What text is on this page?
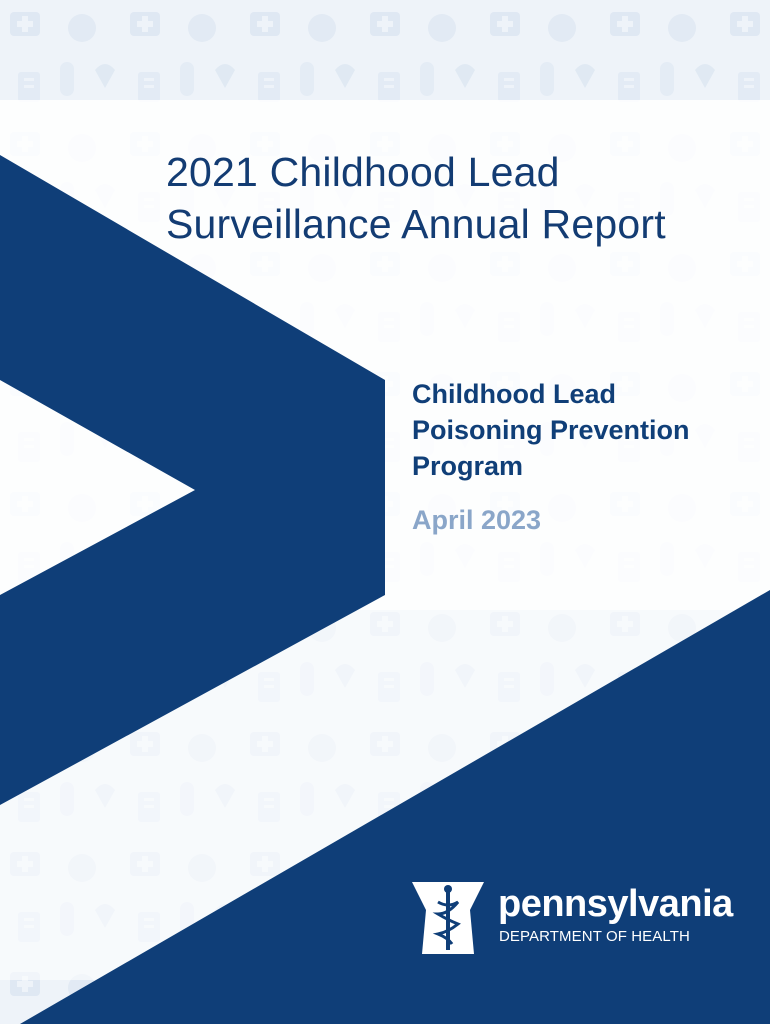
2021 Childhood Lead
Surveillance Annual Report
Childhood Lead
Poisoning Prevention
Program
April 2023
pennsylvania
DEPARTMENT OF HEALTH
